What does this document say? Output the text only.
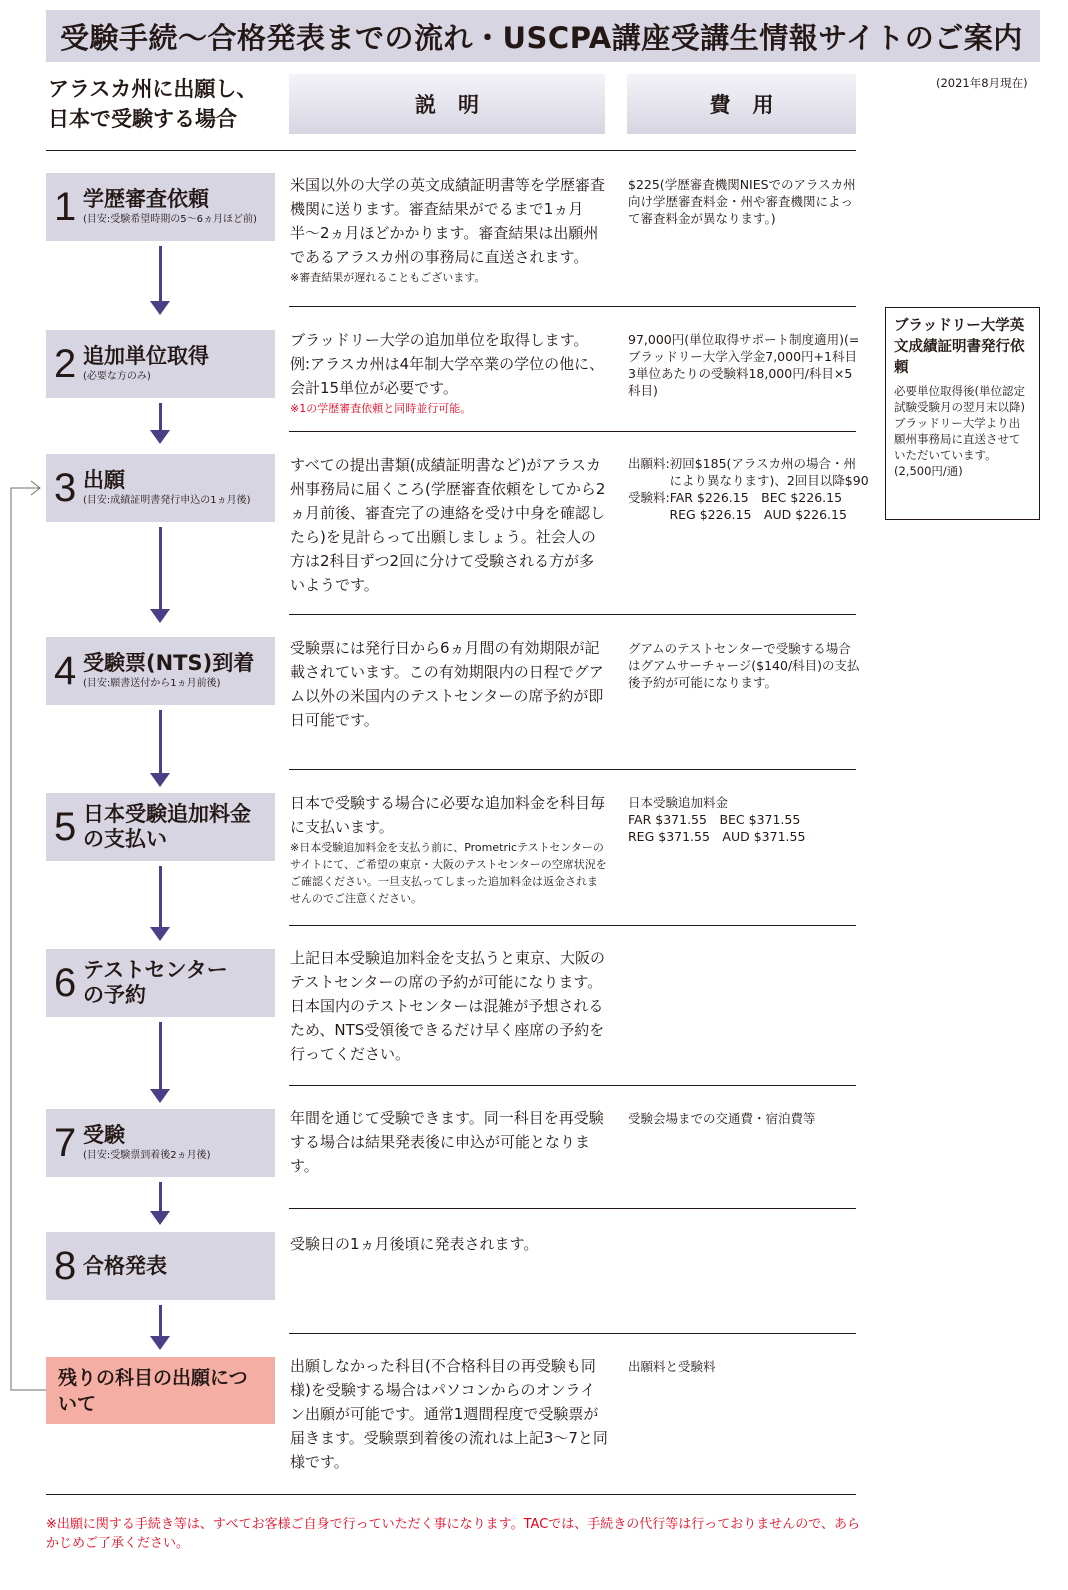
受験手続〜合格発表までの流れ・USCPA講座受講生情報サイトのご案内
アラスカ州に出願し、
日本で受験する場合
(2021年8月現在)
説明	費用
1 学歴審査依頼
(目安:受験希望時期の5〜6ヵ月ほど前)
2 追加単位取得
(必要な方のみ)
3 出願
(目安:成績証明書発行申込の1ヵ月後)
4 受験票(NTS)到着
(目安:願書送付から1ヵ月前後)
5 日本受験追加料金の支払い
6 テストセンターの予約
7 受験
(目安:受験票到着後2ヵ月後)
8 合格発表
残りの科目の出願について
米国以外の大学の英文成績証明書等を学歴審査機関に送ります。審査結果がでるまで1ヵ月半〜2ヵ月ほどかかります。審査結果は出願州であるアラスカ州の事務局に直送されます。
※審査結果が遅れることもございます。
ブラッドリー大学の追加単位を取得します。例:アラスカ州は4年制大学卒業の学位の他に、会計15単位が必要です。
※1の学歴審査依頼と同時並行可能。
すべての提出書類(成績証明書など)がアラスカ州事務局に届くころ(学歴審査依頼をしてから2ヵ月前後、審査完了の連絡を受け中身を確認したら)を見計らって出願しましょう。社会人の方は2科目ずつ2回に分けて受験される方が多いようです。
受験票には発行日から6ヵ月間の有効期限が記載されています。この有効期限内の日程でグアム以外の米国内のテストセンターの席予約が即日可能です。
日本で受験する場合に必要な追加料金を科目毎に支払います。
※日本受験追加料金を支払う前に、Prometricテストセンターのサイトにて、ご希望の東京・大阪のテストセンターの空席状況をご確認ください。一旦支払ってしまった追加料金は返金されませんのでご注意ください。
上記日本受験追加料金を支払うと東京、大阪のテストセンターの席の予約が可能になります。日本国内のテストセンターは混雑が予想されるため、NTS受領後できるだけ早く座席の予約を行ってください。
年間を通じて受験できます。同一科目を再受験する場合は結果発表後に申込が可能となります。
受験日の1ヵ月後頃に発表されます。
出願しなかった科目(不合格科目の再受験も同様)を受験する場合はパソコンからのオンライン出願が可能です。通常1週間程度で受験票が届きます。受験票到着後の流れは上記3〜7と同様です。
$225(学歴審査機関NIESでのアラスカ州向け学歴審査料金・州や審査機関によって審査料金が異なります。)
97,000円(単位取得サポート制度適用)(=ブラッドリー大学入学金7,000円+1科目3単位あたりの受験料18,000円/科目×5科目)
出願料:初回$185(アラスカ州の場合・州
　　　 により異なります)、2回目以降$90
受験料:FAR $226.15　BEC $226.15
　　　 REG $226.15　AUD $226.15
グアムのテストセンターで受験する場合はグアムサーチャージ($140/科目)の支払後予約が可能になります。
日本受験追加料金
FAR $371.55　BEC $371.55
REG $371.55　AUD $371.55
受験会場までの交通費・宿泊費等
出願料と受験料
ブラッドリー大学英文成績証明書発行依頼
必要単位取得後(単位認定試験受験月の翌月末以降)ブラッドリー大学より出願州事務局に直送させていただいています。
(2,500円/通)
※出願に関する手続き等は、すべてお客様ご自身で行っていただく事になります。TACでは、手続きの代行等は行っておりませんので、あらかじめご了承ください。
